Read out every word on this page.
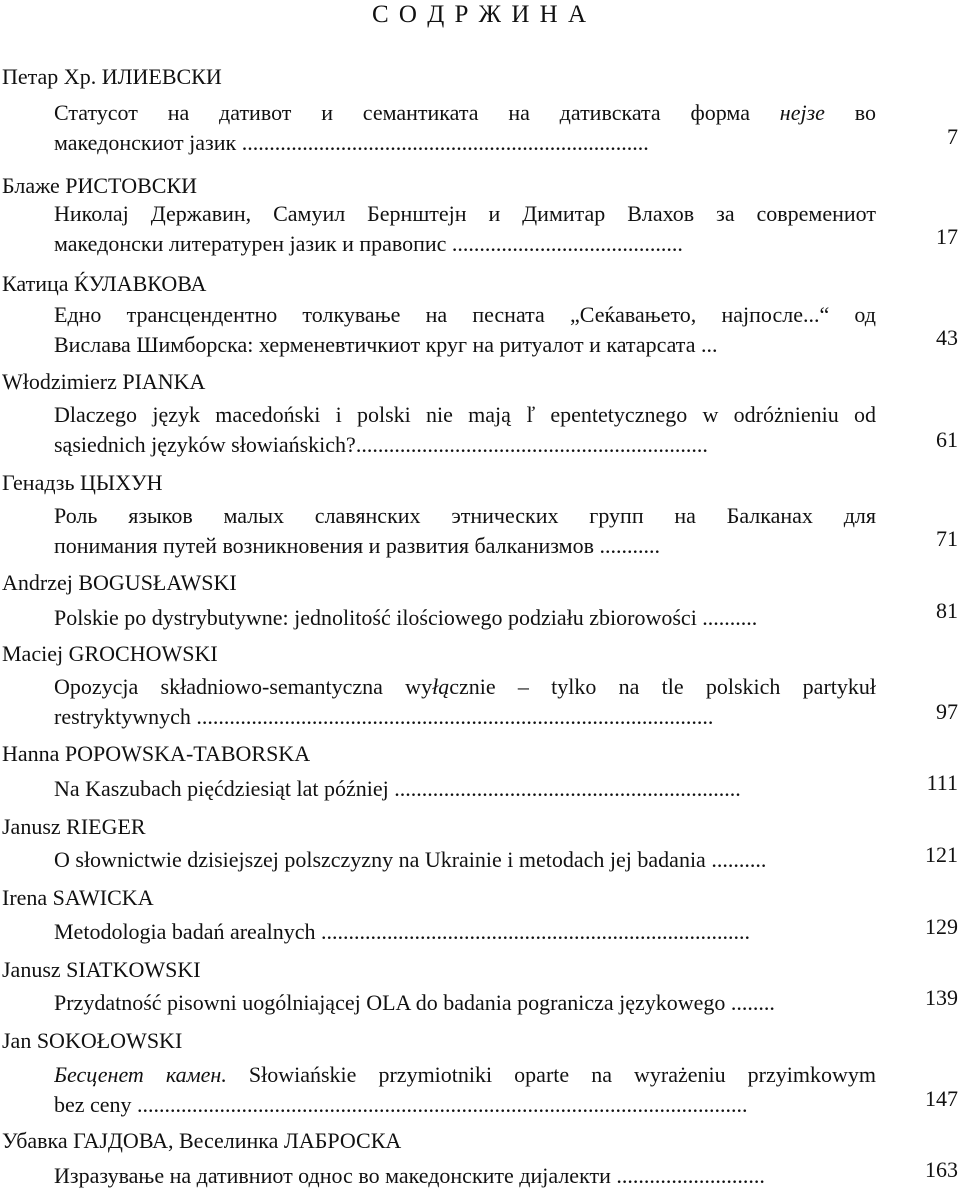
С О Д Р Ж И Н А
Петар Хр. ИЛИЕВСКИ
Статусот на дативот и семантиката на дативската форма нејзе во
македонскиот јазик ..........................................................................	7
Блаже РИСТОВСКИ
Николај Державин, Самуил Бернштејн и Димитар Влахов за современиот
македонски литературен јазик и правопис ..........................................	17
Катица ЌУЛАВКОВА
Едно трансцендентно толкување на песната „Сеќавањето, најпосле...“ од
Вислава Шимборска: херменевтичкиот круг на ритуалот и катарсата ...	43
Włodzimierz PIANKA
Dlaczego język macedoński i polski nie mają ľ epentetycznego w odróżnieniu od
sąsiednich języków słowiańskich?................................................................	61
Генадзь ЦЫХУН
Роль языков малых славянских этнических групп на Балканах для
понимания путей возникновения и развития балканизмов ...........	71
Andrzej BOGUSŁAWSKI
Polskie po dystrybutywne: jednolitość ilościowego podziału zbiorowości ..........	81
Maciej GROCHOWSKI
Opozycja składniowo-semantyczna wyłącznie – tylko na tle polskich partykuł
restryktywnych ..............................................................................................	97
Hanna POPOWSKA-TABORSKA
Na Kaszubach pięćdziesiąt lat później ...............................................................	111
Janusz RIEGER
O słownictwie dzisiejszej polszczyzny na Ukrainie i metodach jej badania ..........	121
Irena SAWICKA
Metodologia badań arealnych ..............................................................................	129
Janusz SIATKOWSKI
Przydatność pisowni uogólniającej OLA do badania pogranicza językowego ........	139
Jan SOKOŁOWSKI
Бесценет камен. Słowiańskie przymiotniki oparte na wyrażeniu przyimkowym
bez ceny ...............................................................................................................	147
Убавка ГАЈДОВА, Веселинка ЛАБРОСКА
Изразување на дативниот однос во македонските дијалекти ...........................	163
